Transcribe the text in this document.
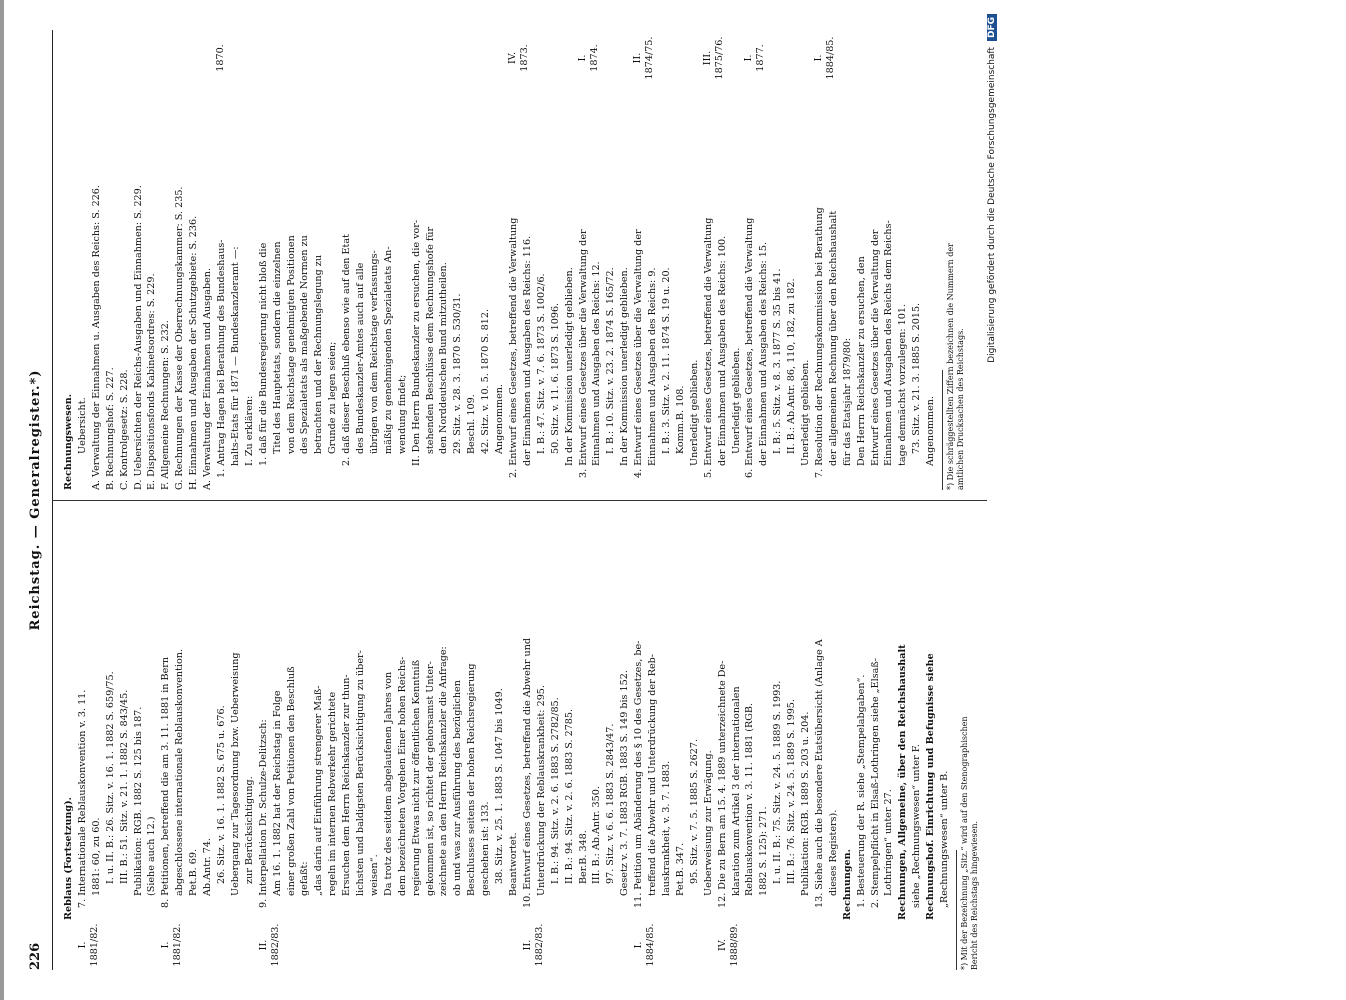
226
Reichstag. — Generalregister.*)
Reblaus (Fortsetzung).
I. 1881/82.
7. Internationale Reblauskonvention v. 3. 11. 1881: 60, zu 60. I. u. II. B.: 26. Sitz. v. 16. 1. 1882 S. 659/75. III. B.: 51. Sitz. v. 21. 1. 1882 S. 843/45. Publikation: RGB. 1882 S. 125 bis 187. (Siehe auch 12.)
I. 1881/82.
8. Petitionen, betreffend die am 3. 11. 1881 in Bern abgeschlossene internationale Reblauskonvention. Pet.B. 69. Ab.Antr. 74. 26. Sitz. v. 16. 1. 1882 S. 675 u. 676. Uebergang zur Tagesordnung bzw. Ueberweisung zur Berücksichtigung.
II. 1882/83.
9. Interpellation Dr. Schulze-Delitzsch: Am 16. 1. 1882 hat der Reichstag in Folge einer großen Zahl von Petitionen den Beschluß gefaßt: „das darin auf Einführung strengerer Maß- regeln im internen Rebverkehr gerichtete Ersuchen dem Herrn Reichskanzler zur thun- lichsten und baldigsten Berücksichtigung zu über- weisen“. Da trotz des seitdem abgelaufenen Jahres von dem bezeichneten Vorgehen Einer hohen Reichs- regierung Etwas nicht zur öffentlichen Kenntniß gekommen ist, so richtet der gehorsamst Unter- zeichnete an den Herrn Reichskanzler die Anfrage: ob und was zur Ausführung des bezüglichen Beschlusses seitens der hohen Reichsregierung geschehen ist: 133. 38. Sitz. v. 25. 1. 1883 S. 1047 bis 1049. Beantwortet.
II. 1882/83.
10. Entwurf eines Gesetzes, betreffend die Abwehr und Unterdrückung der Reblauskrankheit: 295. I. B.: 94. Sitz. v. 2. 6. 1883 S. 2782/85. II. B.: 94. Sitz. v. 2. 6. 1883 S. 2785. Ber.B. 348. III. B.: Ab.Antr. 350. 97. Sitz. v. 6. 6. 1883 S. 2843/47. Gesetz v. 3. 7. 1883 RGB. 1883 S. 149 bis 152.
I. 1884/85.
11. Petition um Abänderung des § 10 des Gesetzes, be- treffend die Abwehr und Unterdrückung der Reb- lauskrankheit, v. 3. 7. 1883. Pet.B. 347. 95. Sitz. v. 7. 5. 1885 S. 2627. Ueberweisung zur Erwägung.
IV. 1888/89.
12. Die zu Bern am 15. 4. 1889 unterzeichnete De- klaration zum Artikel 3 der internationalen Reblauskonvention v. 3. 11. 1881 (RGB. 1882 S. 125): 271. I. u. II. B.: 75. Sitz. v. 24. 5. 1889 S. 1993. III. B.: 76. Sitz. v. 24. 5. 1889 S. 1995. Publikation: RGB. 1889 S. 203 u. 204. 13. Siehe auch die besondere Etatsübersicht (Anlage A dieses Registers). Rechnungen. 1. Besteuerung der R. siehe „Stempelabgaben“. 2. Stempelpflicht in Elsaß-Lothringen siehe „Elsaß- Lothringen“ unter 27. Rechnungen, Allgemeine, über den Reichshaushalt siehe „Rechnungswesen“ unter F. Rechnungshof. Einrichtung und Befugnisse siehe „Rechnungswesen“ unter B. *) Mit der Bezeichnung „Sitz.“ wird auf den Stenographischen Bericht des Reichstags hingewiesen.
Rechnungswesen. Uebersicht. A. Verwaltung der Einnahmen u. Ausgaben des Reichs: S. 226. B. Rechnungshof: S. 227. C. Kontrolgesetz: S. 228. D. Uebersichten der Reichs-Ausgaben und Einnahmen: S. 229. E. Dispositionsfonds Kabinetsordres: S. 229. F. Allgemeine Rechnungen: S. 232. G. Rechnungen der Kasse der Oberrechnungskammer: S. 235. H. Einnahmen und Ausgaben der Schutzgebiete: S. 236. A. Verwaltung der Einnahmen und Ausgaben. 1. Antrag Hagen bei Berathung des Bundeshaus-
1870.
halts-Etats für 1871 — Bundeskanzleramt —: I. Zu erklären: 1. daß für die Bundesregierung nicht bloß die Titel des Hauptetats, sondern die einzelnen von dem Reichstage genehmigten Positionen des Spezialetats als maßgebende Normen zu betrachten und der Rechnungslegung zu Grunde zu legen seien; 2. daß dieser Beschluß ebenso wie auf den Etat des Bundeskanzler-Amtes auch auf alle übrigen von dem Reichstage verfassungs- mäßig zu genehmigenden Spezialetats An- wendung findet; II. Den Herrn Bundeskanzler zu ersuchen, die vor- stehenden Beschlüsse dem Rechnungshofe für den Norddeutschen Bund mitzutheilen. 29. Sitz. v. 28. 3. 1870 S. 530/31. Beschl. 109. 42. Sitz. v. 10. 5. 1870 S. 812. Angenommen. 2. Entwurf eines Gesetzes, betreffend die Verwaltung
IV. 1873.
der Einnahmen und Ausgaben des Reichs: 116. I. B.: 47. Sitz. v. 7. 6. 1873 S. 1002/6. 50. Sitz. v. 11. 6. 1873 S. 1096. In der Kommission unerledigt geblieben. 3. Entwurf eines Gesetzes über die Verwaltung der
I. 1874.
Einnahmen und Ausgaben des Reichs: 12. I. B.: 10. Sitz. v. 23. 2. 1874 S. 165/72. In der Kommission unerledigt geblieben. 4. Entwurf eines Gesetzes über die Verwaltung der
II. 1874/75.
Einnahmen und Ausgaben des Reichs: 9. I. B.: 3. Sitz. v. 2. 11. 1874 S. 19 u. 20. Komm.B. 108. Unerledigt geblieben. 5. Entwurf eines Gesetzes, betreffend die Verwaltung
III. 1875/76.
der Einnahmen und Ausgaben des Reichs: 100. Unerledigt geblieben. 6. Entwurf eines Gesetzes, betreffend die Verwaltung
I. 1877.
der Einnahmen und Ausgaben des Reichs: 15. I. B.: 5. Sitz. v. 8. 3. 1877 S. 35 bis 41. II. B.: Ab.Antr. 86, 110, 182, zu 182. Unerledigt geblieben. 7. Resolution der Rechnungskommission bei Berathung
I. 1884/85.
der allgemeinen Rechnung über den Reichshaushalt für das Etatsjahr 1879/80: Den Herrn Reichskanzler zu ersuchen, den Entwurf eines Gesetzes über die Verwaltung der Einnahmen und Ausgaben des Reichs dem Reichs- tage demnächst vorzulegen: 101. 73. Sitz. v. 21. 3. 1885 S. 2015. Angenommen. *) Die schräggestellten Ziffern bezeichnen die Nummern der amtlichen Drucksachen des Reichstags.
Digitalisierung gefördert durch die Deutsche ForschungsgemeinschaftDFG
